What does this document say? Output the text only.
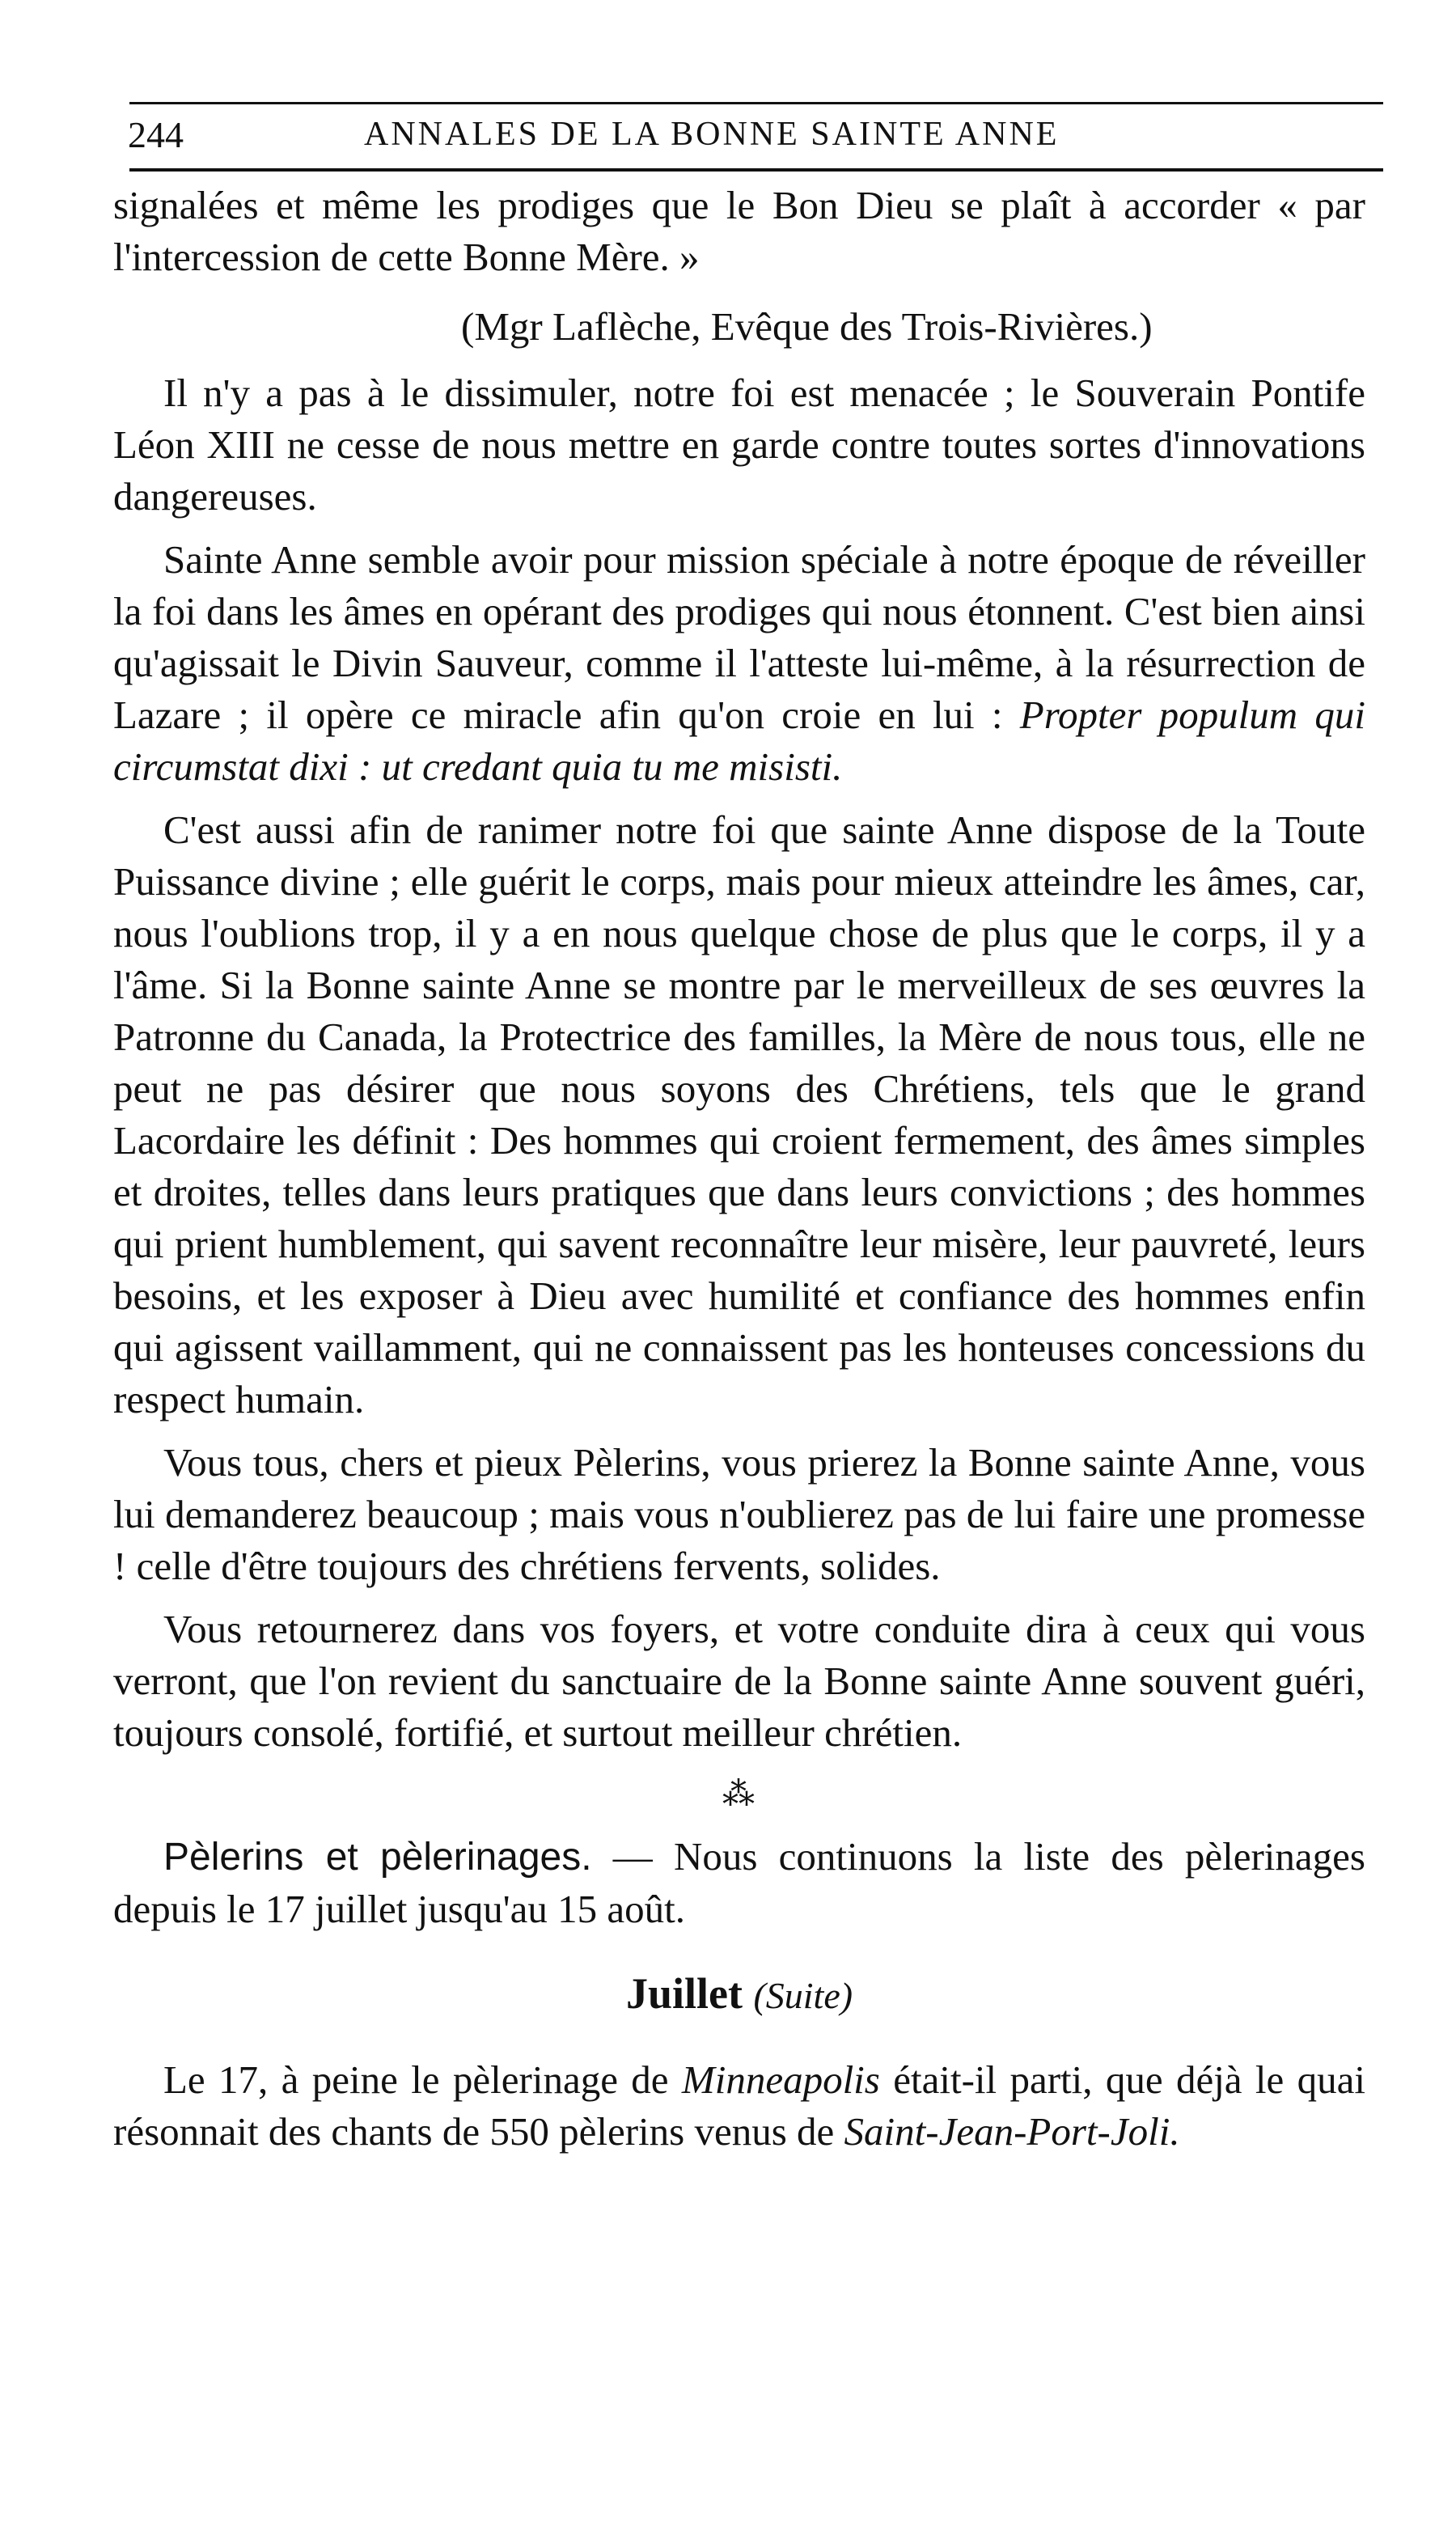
244	ANNALES DE LA BONNE SAINTE ANNE

signalées et même les prodiges que le Bon Dieu se plaît à accorder « par l'intercession de cette Bonne Mère. »

(Mgr Laflèche, Evêque des Trois-Rivières.)

Il n'y a pas à le dissimuler, notre foi est menacée ; le Souverain Pontife Léon XIII ne cesse de nous mettre en garde contre toutes sortes d'innovations dangereuses.

Sainte Anne semble avoir pour mission spéciale à notre époque de réveiller la foi dans les âmes en opérant des prodiges qui nous étonnent. C'est bien ainsi qu'agissait le Divin Sauveur, comme il l'atteste lui-même, à la résurrection de Lazare ; il opère ce miracle afin qu'on croie en lui : Propter populum qui circumstat dixi : ut credant quia tu me misisti.

C'est aussi afin de ranimer notre foi que sainte Anne dispose de la Toute Puissance divine ; elle guérit le corps, mais pour mieux atteindre les âmes, car, nous l'oublions trop, il y a en nous quelque chose de plus que le corps, il y a l'âme. Si la Bonne sainte Anne se montre par le merveilleux de ses œuvres la Patronne du Canada, la Protectrice des familles, la Mère de nous tous, elle ne peut ne pas désirer que nous soyons des Chrétiens, tels que le grand Lacordaire les définit : Des hommes qui croient fermement, des âmes simples et droites, telles dans leurs pratiques que dans leurs convictions ; des hommes qui prient humblement, qui savent reconnaître leur misère, leur pauvreté, leurs besoins, et les exposer à Dieu avec humilité et confiance des hommes enfin qui agissent vaillamment, qui ne connaissent pas les honteuses concessions du respect humain.

Vous tous, chers et pieux Pèlerins, vous prierez la Bonne sainte Anne, vous lui demanderez beaucoup ; mais vous n'oublierez pas de lui faire une promesse ! celle d'être toujours des chrétiens fervents, solides.

Vous retournerez dans vos foyers, et votre conduite dira à ceux qui vous verront, que l'on revient du sanctuaire de la Bonne sainte Anne souvent guéri, toujours consolé, fortifié, et surtout meilleur chrétien.

⁂

Pèlerins et pèlerinages. — Nous continuons la liste des pèlerinages depuis le 17 juillet jusqu'au 15 août.

Juillet (Suite)

Le 17, à peine le pèlerinage de Minneapolis était-il parti, que déjà le quai résonnait des chants de 550 pèlerins venus de Saint-Jean-Port-Joli.
